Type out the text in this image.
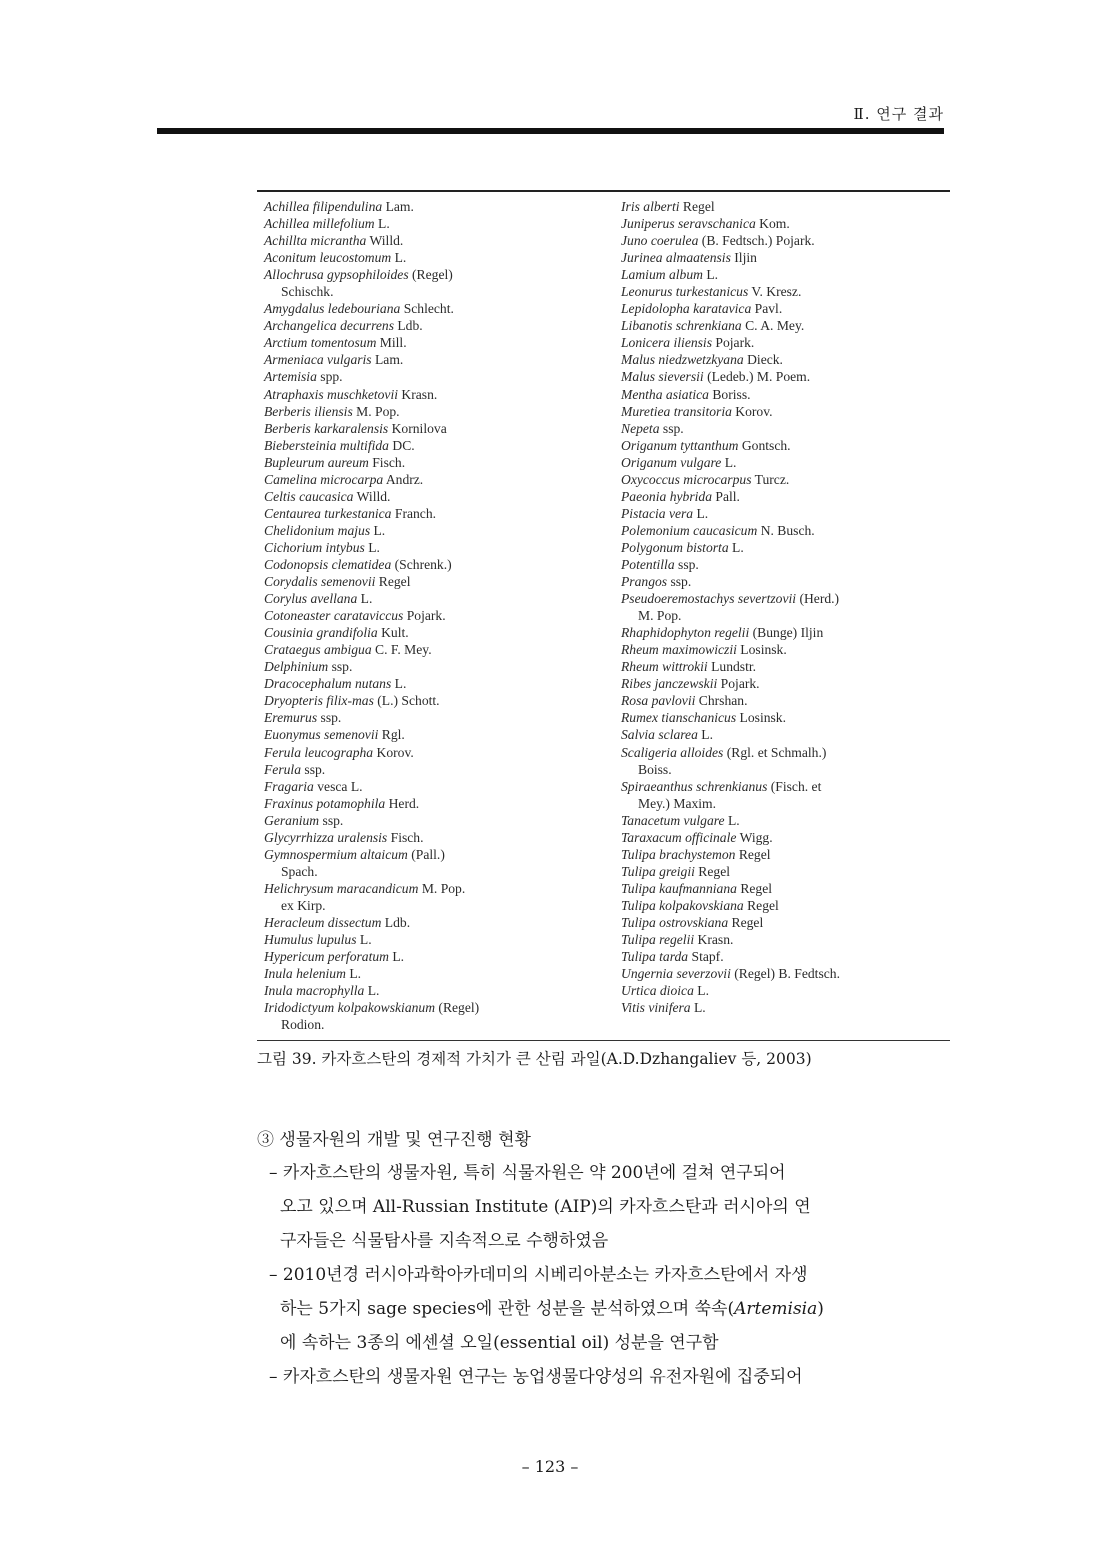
Ⅱ. 연구 결과
Achillea filipendulina Lam.
Achillea millefolium L.
Achillta micrantha Willd.
Aconitum leucostomum L.
Allochrusa gypsophiloides (Regel)
Schischk.
Amygdalus ledebouriana Schlecht.
Archangelica decurrens Ldb.
Arctium tomentosum Mill.
Armeniaca vulgaris Lam.
Artemisia spp.
Atraphaxis muschketovii Krasn.
Berberis iliensis M. Pop.
Berberis karkaralensis Kornilova
Biebersteinia multifida DC.
Bupleurum aureum Fisch.
Camelina microcarpa Andrz.
Celtis caucasica Willd.
Centaurea turkestanica Franch.
Chelidonium majus L.
Cichorium intybus L.
Codonopsis clematidea (Schrenk.)
Corydalis semenovii Regel
Corylus avellana L.
Cotoneaster carataviccus Pojark.
Cousinia grandifolia Kult.
Crataegus ambigua C. F. Mey.
Delphinium ssp.
Dracocephalum nutans L.
Dryopteris filix-mas (L.) Schott.
Eremurus ssp.
Euonymus semenovii Rgl.
Ferula leucographa Korov.
Ferula ssp.
Fragaria vesca L.
Fraxinus potamophila Herd.
Geranium ssp.
Glycyrrhizza uralensis Fisch.
Gymnospermium altaicum (Pall.)
Spach.
Helichrysum maracandicum M. Pop.
ex Kirp.
Heracleum dissectum Ldb.
Humulus lupulus L.
Hypericum perforatum L.
Inula helenium L.
Inula macrophylla L.
Iridodictyum kolpakowskianum (Regel)
Rodion.
Iris alberti Regel
Juniperus seravschanica Kom.
Juno coerulea (B. Fedtsch.) Pojark.
Jurinea almaatensis Iljin
Lamium album L.
Leonurus turkestanicus V. Kresz.
Lepidolopha karatavica Pavl.
Libanotis schrenkiana C. A. Mey.
Lonicera iliensis Pojark.
Malus niedzwetzkyana Dieck.
Malus sieversii (Ledeb.) M. Poem.
Mentha asiatica Boriss.
Muretiea transitoria Korov.
Nepeta ssp.
Origanum tyttanthum Gontsch.
Origanum vulgare L.
Oxycoccus microcarpus Turcz.
Paeonia hybrida Pall.
Pistacia vera L.
Polemonium caucasicum N. Busch.
Polygonum bistorta L.
Potentilla ssp.
Prangos ssp.
Pseudoeremostachys severtzovii (Herd.)
M. Pop.
Rhaphidophyton regelii (Bunge) Iljin
Rheum maximowiczii Losinsk.
Rheum wittrokii Lundstr.
Ribes janczewskii Pojark.
Rosa pavlovii Chrshan.
Rumex tianschanicus Losinsk.
Salvia sclarea L.
Scaligeria alloides (Rgl. et Schmalh.)
Boiss.
Spiraeanthus schrenkianus (Fisch. et
Mey.) Maxim.
Tanacetum vulgare L.
Taraxacum officinale Wigg.
Tulipa brachystemon Regel
Tulipa greigii Regel
Tulipa kaufmanniana Regel
Tulipa kolpakovskiana Regel
Tulipa ostrovskiana Regel
Tulipa regelii Krasn.
Tulipa tarda Stapf.
Ungernia severzovii (Regel) B. Fedtsch.
Urtica dioica L.
Vitis vinifera L.
그림 39. 카자흐스탄의 경제적 가치가 큰 산림 과일(A.D.Dzhangaliev 등, 2003)
③ 생물자원의 개발 및 연구진행 현황
– 카자흐스탄의 생물자원, 특히 식물자원은 약 200년에 걸쳐 연구되어
오고 있으며 All-Russian Institute (AIP)의 카자흐스탄과 러시아의 연
구자들은 식물탐사를 지속적으로 수행하였음
– 2010년경 러시아과학아카데미의 시베리아분소는 카자흐스탄에서 자생
하는 5가지 sage species에 관한 성분을 분석하였으며 쑥속(Artemisia)
에 속하는 3종의 에센셜 오일(essential oil) 성분을 연구함
– 카자흐스탄의 생물자원 연구는 농업생물다양성의 유전자원에 집중되어
– 123 –
